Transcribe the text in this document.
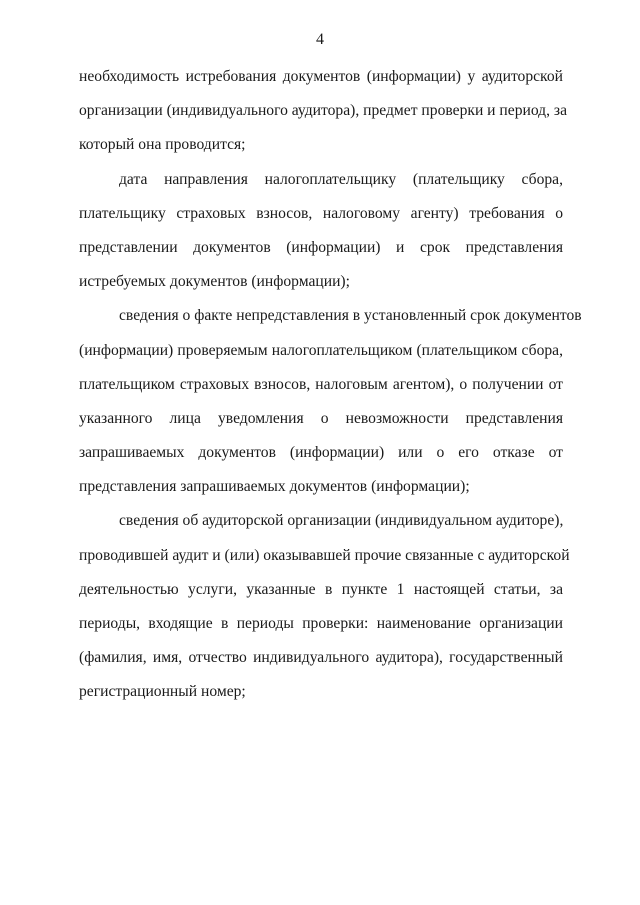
4
необходимость истребования документов (информации) у аудиторской
организации (индивидуального аудитора), предмет проверки и период, за
который она проводится;
дата направления налогоплательщику (плательщику сбора,
плательщику страховых взносов, налоговому агенту) требования о
представлении документов (информации) и срок представления
истребуемых документов (информации);
сведения о факте непредставления в установленный срок документов
(информации) проверяемым налогоплательщиком (плательщиком сбора,
плательщиком страховых взносов, налоговым агентом), о получении от
указанного лица уведомления о невозможности представления
запрашиваемых документов (информации) или о его отказе от
представления запрашиваемых документов (информации);
сведения об аудиторской организации (индивидуальном аудиторе),
проводившей аудит и (или) оказывавшей прочие связанные с аудиторской
деятельностью услуги, указанные в пункте 1 настоящей статьи, за
периоды, входящие в периоды проверки: наименование организации
(фамилия, имя, отчество индивидуального аудитора), государственный
регистрационный номер;
